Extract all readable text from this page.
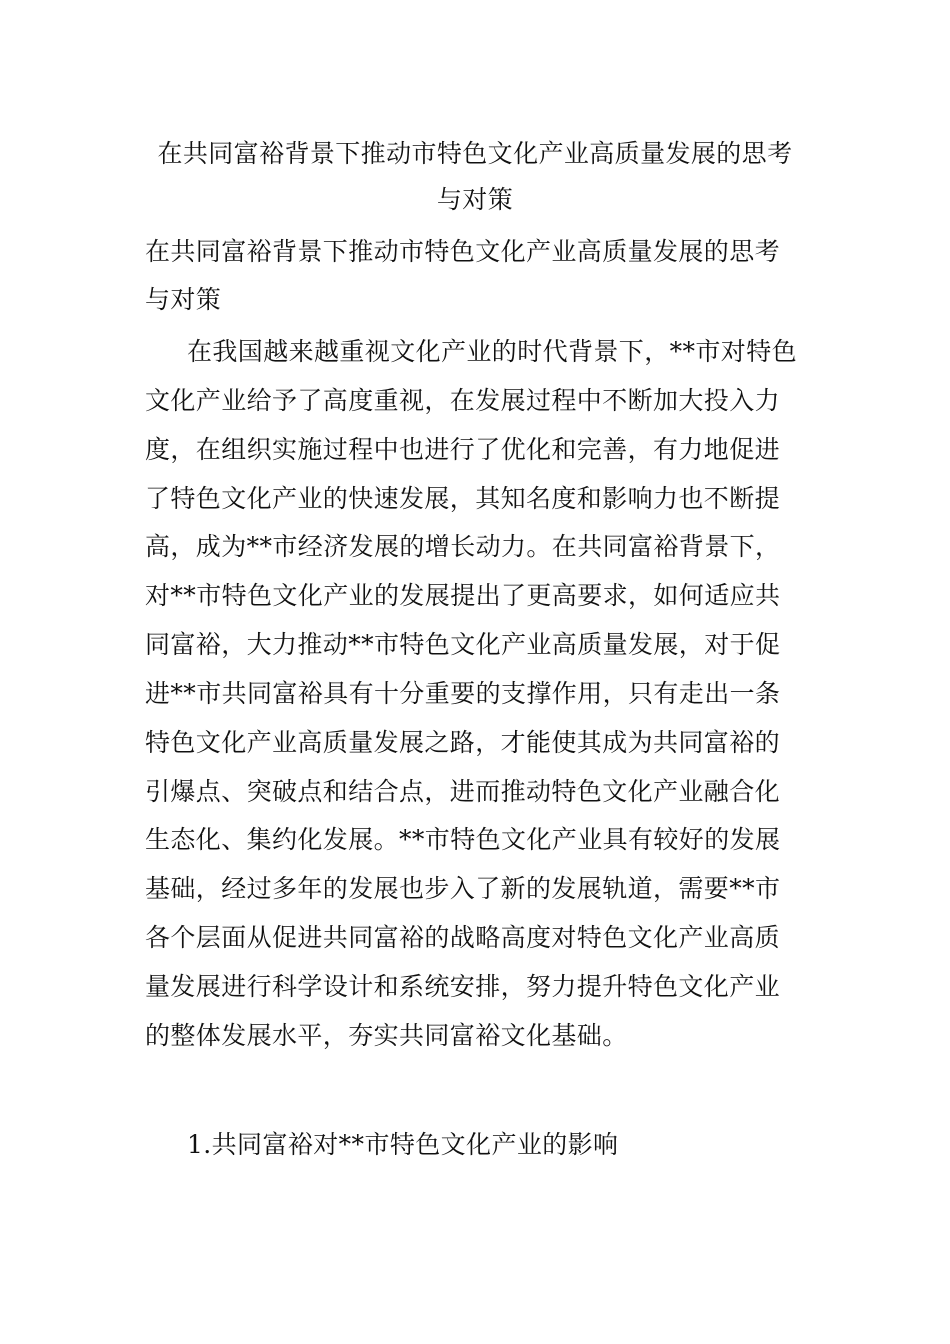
在共同富裕背景下推动市特色文化产业高质量发展的思考
与对策

在共同富裕背景下推动市特色文化产业高质量发展的思考
与对策

在我国越来越重视文化产业的时代背景下，**市对特色
文化产业给予了高度重视，在发展过程中不断加大投入力
度，在组织实施过程中也进行了优化和完善，有力地促进
了特色文化产业的快速发展，其知名度和影响力也不断提
高，成为**市经济发展的增长动力。在共同富裕背景下，
对**市特色文化产业的发展提出了更高要求，如何适应共
同富裕，大力推动**市特色文化产业高质量发展，对于促
进**市共同富裕具有十分重要的支撑作用，只有走出一条
特色文化产业高质量发展之路，才能使其成为共同富裕的
引爆点、突破点和结合点，进而推动特色文化产业融合化
生态化、集约化发展。**市特色文化产业具有较好的发展
基础，经过多年的发展也步入了新的发展轨道，需要**市
各个层面从促进共同富裕的战略高度对特色文化产业高质
量发展进行科学设计和系统安排，努力提升特色文化产业
的整体发展水平，夯实共同富裕文化基础。

1.共同富裕对**市特色文化产业的影响
